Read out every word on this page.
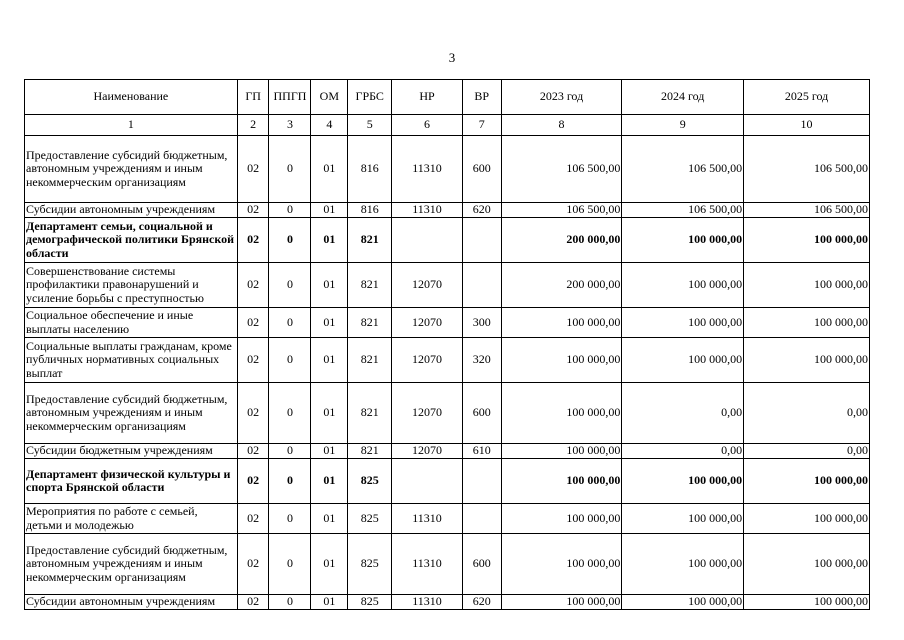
3
Наименование	ГП	ППГП	ОМ	ГРБС	НР	ВР	2023 год	2024 год	2025 год
1	2	3	4	5	6	7	8	9	10
Предоставление субсидий бюджетным, автономным учреждениям и иным некоммерческим организациям	02	0	01	816	11310	600	106 500,00	106 500,00	106 500,00
Субсидии автономным учреждениям	02	0	01	816	11310	620	106 500,00	106 500,00	106 500,00
Департамент семьи, социальной и демографической политики Брянской области	02	0	01	821			200 000,00	100 000,00	100 000,00
Совершенствование системы профилактики правонарушений и усиление борьбы с преступностью	02	0	01	821	12070		200 000,00	100 000,00	100 000,00
Социальное обеспечение и иные выплаты населению	02	0	01	821	12070	300	100 000,00	100 000,00	100 000,00
Социальные выплаты гражданам, кроме публичных нормативных социальных выплат	02	0	01	821	12070	320	100 000,00	100 000,00	100 000,00
Предоставление субсидий бюджетным, автономным учреждениям и иным некоммерческим организациям	02	0	01	821	12070	600	100 000,00	0,00	0,00
Субсидии бюджетным учреждениям	02	0	01	821	12070	610	100 000,00	0,00	0,00
Департамент физической культуры и спорта Брянской области	02	0	01	825			100 000,00	100 000,00	100 000,00
Мероприятия по работе с семьей, детьми и молодежью	02	0	01	825	11310		100 000,00	100 000,00	100 000,00
Предоставление субсидий бюджетным, автономным учреждениям и иным некоммерческим организациям	02	0	01	825	11310	600	100 000,00	100 000,00	100 000,00
Субсидии автономным учреждениям	02	0	01	825	11310	620	100 000,00	100 000,00	100 000,00
